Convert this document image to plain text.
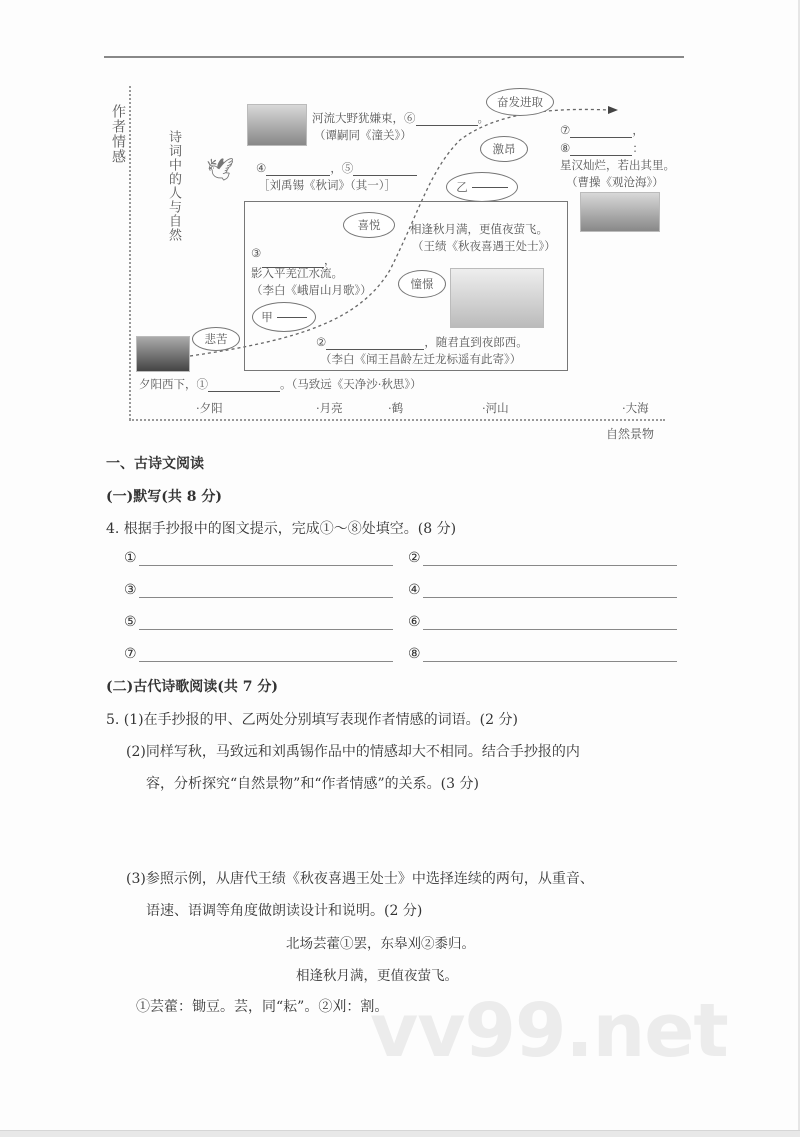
作者情感	诗词中的人与自然
河流大野犹嫌束，⑥	。
（谭嗣同《潼关》）
🕊 ④	，⑤
［刘禹锡《秋词》（其一）］
⑦	，
⑧	：
星汉灿烂，若出其里。
（曹操《观沧海》）
奋发进取
激昂
乙
喜悦	相逢秋月满，更值夜萤飞。
（王绩《秋夜喜遇王处士》）
③	，
影入平羌江水流。
（李白《峨眉山月歌》）	憧憬
甲
②	，随君直到夜郎西。
（李白《闻王昌龄左迁龙标遥有此寄》）
悲苦
夕阳西下，①	。（马致远《天净沙·秋思》）
·夕阳	·月亮	·鹤	·河山	·大海
自然景物
一、古诗文阅读
(一)默写(共 8 分)
4. 根据手抄报中的图文提示，完成①～⑧处填空。(8 分)
①	②
③	④
⑤	⑥
⑦	⑧
(二)古代诗歌阅读(共 7 分)
5. (1)在手抄报的甲、乙两处分别填写表现作者情感的词语。(2 分)
(2)同样写秋，马致远和刘禹锡作品中的情感却大不相同。结合手抄报的内
容，分析探究“自然景物”和“作者情感”的关系。(3 分)
(3)参照示例，从唐代王绩《秋夜喜遇王处士》中选择连续的两句，从重音、
语速、语调等角度做朗读设计和说明。(2 分)
北场芸藿①罢，东皋刈②黍归。
相逢秋月满，更值夜萤飞。
①芸藿：锄豆。芸，同“耘”。②刈：割。
vv99.net
